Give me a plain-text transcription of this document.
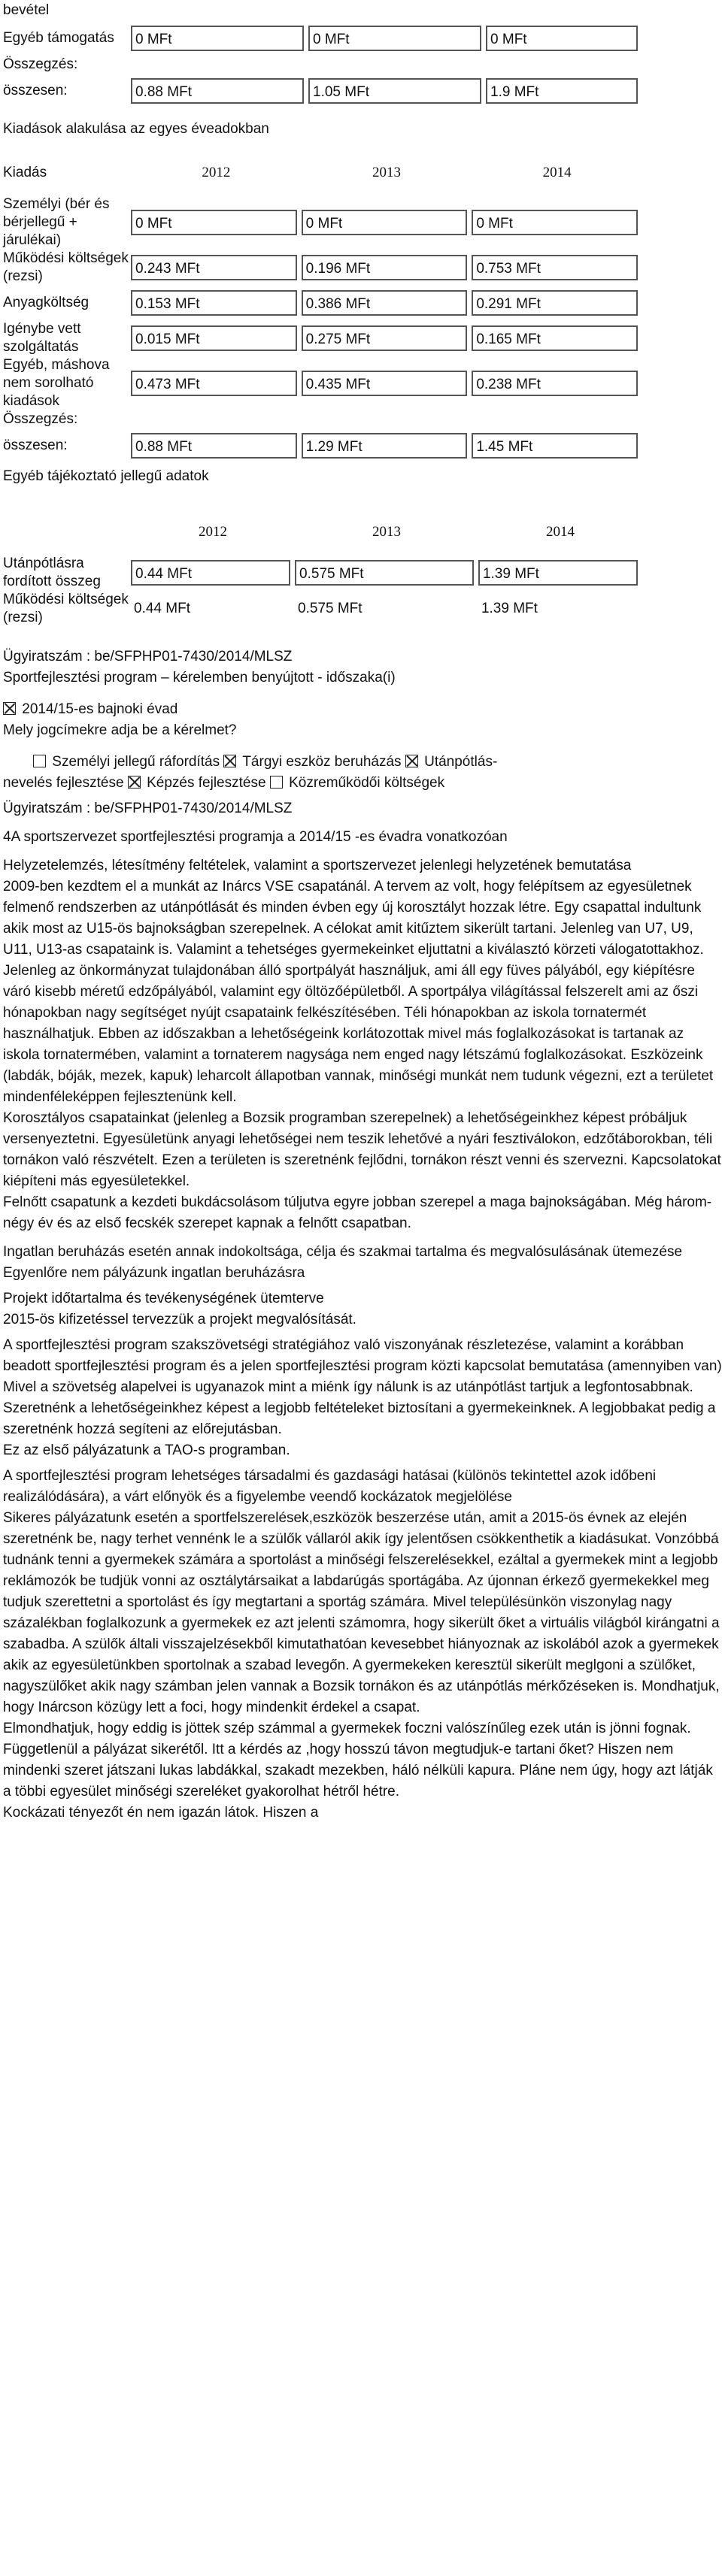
bevétel

Egyéb támogatás	0 MFt	0 MFt	0 MFt

Összegzés:			
összesen:	0.88 MFt	1.05 MFt	1.9 MFt

Kiadások alakulása az egyes éveadokban

Kiadás	2012	2013	2014
Személyi (bér és bérjellegű + járulékai)	0 MFt	0 MFt	0 MFt

Működési költségek (rezsi)	0.243 MFt	0.196 MFt	0.753 MFt

Anyagköltség	0.153 MFt	0.386 MFt	0.291 MFt

Igénybe vett szolgáltatás	0.015 MFt	0.275 MFt	0.165 MFt

Egyéb, máshova nem sorolható kiadások	0.473 MFt	0.435 MFt	0.238 MFt

Összegzés:			
összesen:	0.88 MFt	1.29 MFt	1.45 MFt

Egyéb tájékoztató jellegű adatok

	2012	2013	2014
Utánpótlásra fordított összeg	0.44 MFt	0.575 MFt	1.39 MFt

Működési költségek (rezsi)	0.44 MFt	0.575 MFt	1.39 MFt

Ügyiratszám : be/SFPHP01-7430/2014/MLSZ

Sportfejlesztési program – kérelemben benyújtott - időszaka(i)

2014/15-es bajnoki évad

Mely jogcímekre adja be a kérelmet?

Személyi jellegű ráfordítás Tárgyi eszköz beruházás Utánpótlás-

nevelés fejlesztése Képzés fejlesztése Közreműködői költségek

Ügyiratszám : be/SFPHP01-7430/2014/MLSZ

4A sportszervezet sportfejlesztési programja a 2014/15 -es évadra vonatkozóan

Helyzetelemzés, létesítmény feltételek, valamint a sportszervezet jelenlegi helyzetének bemutatása

2009-ben kezdtem el a munkát az Inárcs VSE csapatánál. A tervem az volt, hogy felépítsem az egyesületnek felmenő rendszerben az utánpótlását és minden évben egy új korosztályt hozzak létre. Egy csapattal indultunk akik most az U15-ös bajnokságban szerepelnek. A célokat amit kitűztem sikerült tartani. Jelenleg van U7, U9, U11, U13-as csapataink is. Valamint a tehetséges gyermekeinket eljuttatni a kiválasztó körzeti válogatottakhoz. Jelenleg az önkormányzat tulajdonában álló sportpályát használjuk, ami áll egy füves pályából, egy kiépítésre váró kisebb méretű edzőpályából, valamint egy öltözőépületből. A sportpálya világítással felszerelt ami az őszi hónapokban nagy segítséget nyújt csapataink felkészítésében. Téli hónapokban az iskola tornatermét használhatjuk. Ebben az időszakban a lehetőségeink korlátozottak mivel más foglalkozásokat is tartanak az iskola tornatermében, valamint a tornaterem nagysága nem enged nagy létszámú foglalkozásokat. Eszközeink (labdák, bóják, mezek, kapuk) leharcolt állapotban vannak, minőségi munkát nem tudunk végezni, ezt a területet mindenféleképpen fejlesztenünk kell.

Korosztályos csapatainkat (jelenleg a Bozsik programban szerepelnek) a lehetőségeinkhez képest próbáljuk versenyeztetni. Egyesületünk anyagi lehetőségei nem teszik lehetővé a nyári fesztiválokon, edzőtáborokban, téli tornákon való részvételt. Ezen a területen is szeretnénk fejlődni, tornákon részt venni és szervezni. Kapcsolatokat kiépíteni más egyesületekkel.

Felnőtt csapatunk a kezdeti bukdácsolásom túljutva egyre jobban szerepel a maga bajnokságában. Még három-négy év és az első fecskék szerepet kapnak a felnőtt csapatban.

Ingatlan beruházás esetén annak indokoltsága, célja és szakmai tartalma és megvalósulásának ütemezése

Egyenlőre nem pályázunk ingatlan beruházásra

Projekt időtartalma és tevékenységének ütemterve

2015-ös kifizetéssel tervezzük a projekt megvalósítását.

A sportfejlesztési program szakszövetségi stratégiához való viszonyának részletezése, valamint a korábban beadott sportfejlesztési program és a jelen sportfejlesztési program közti kapcsolat bemutatása (amennyiben van)

Mivel a szövetség alapelvei is ugyanazok mint a miénk így nálunk is az utánpótlást tartjuk a legfontosabbnak. Szeretnénk a lehetőségeinkhez képest a legjobb feltételeket biztosítani a gyermekeinknek. A legjobbakat pedig a szeretnénk hozzá segíteni az előrejutásban.

Ez az első pályázatunk a TAO-s programban.

A sportfejlesztési program lehetséges társadalmi és gazdasági hatásai (különös tekintettel azok időbeni realizálódására), a várt előnyök és a figyelembe veendő kockázatok megjelölése

Sikeres pályázatunk esetén a sportfelszerelések,eszközök beszerzése után, amit a 2015-ös évnek az elején szeretnénk be, nagy terhet vennénk le a szülők vállaról akik így jelentősen csökkenthetik a kiadásukat. Vonzóbbá tudnánk tenni a gyermekek számára a sportolást a minőségi felszerelésekkel, ezáltal a gyermekek mint a legjobb reklámozók be tudjük vonni az osztálytársaikat a labdarúgás sportágába. Az újonnan érkező gyermekekkel meg tudjuk szerettetni a sportolást és így megtartani a sportág számára. Mivel településünkön viszonylag nagy százalékban foglalkozunk a gyermekek ez azt jelenti számomra, hogy sikerült őket a virtuális világból kirángatni a szabadba. A szülők általi visszajelzésekből kimutathatóan kevesebbet hiányoznak az iskolából azok a gyermekek akik az egyesületünkben sportolnak a szabad levegőn. A gyermekeken keresztül sikerült meglgoni a szülőket, nagyszülőket akik nagy számban jelen vannak a Bozsik tornákon és az utánpótlás mérkőzéseken is. Mondhatjuk, hogy Inárcson közügy lett a foci, hogy mindenkit érdekel a csapat.

Elmondhatjuk, hogy eddig is jöttek szép számmal a gyermekek foczni valószínűleg ezek után is jönni fognak. Függetlenül a pályázat sikerétől. Itt a kérdés az ,hogy hosszú távon megtudjuk-e tartani őket? Hiszen nem mindenki szeret játszani lukas labdákkal, szakadt mezekben, háló nélküli kapura. Pláne nem úgy, hogy azt látják a többi egyesület minőségi szereléket gyakorolhat hétről hétre.

Kockázati tényezőt én nem igazán látok. Hiszen a
